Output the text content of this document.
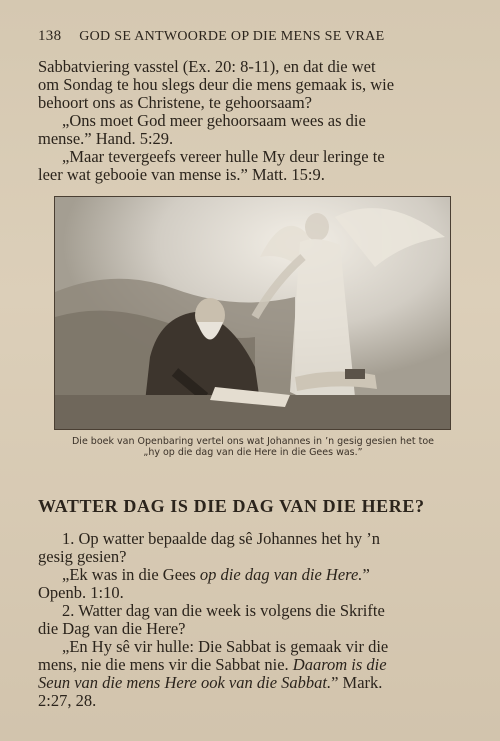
138 GOD SE ANTWOORDE OP DIE MENS SE VRAE

Sabbatviering vasstel (Ex. 20: 8-11), en dat die wet

om Sondag te hou slegs deur die mens gemaak is, wie

behoort ons as Christene, te gehoorsaam?

„Ons moet God meer gehoorsaam wees as die

mense.” Hand. 5:29.

„Maar tevergeefs vereer hulle My deur leringe te

leer wat gebooie van mense is.” Matt. 15:9.

Die boek van Openbaring vertel ons wat Johannes in ’n gesig gesien het toe
„hy op die dag van die Here in die Gees was.”
WATTER DAG IS DIE DAG VAN DIE HERE?

1. Op watter bepaalde dag sê Johannes het hy ’n

gesig gesien?

„Ek was in die Gees op die dag van die Here.”

Openb. 1:10.

2. Watter dag van die week is volgens die Skrifte

die Dag van die Here?

„En Hy sê vir hulle: Die Sabbat is gemaak vir die

mens, nie die mens vir die Sabbat nie. Daarom is die

Seun van die mens Here ook van die Sabbat.” Mark.

2:27, 28.
